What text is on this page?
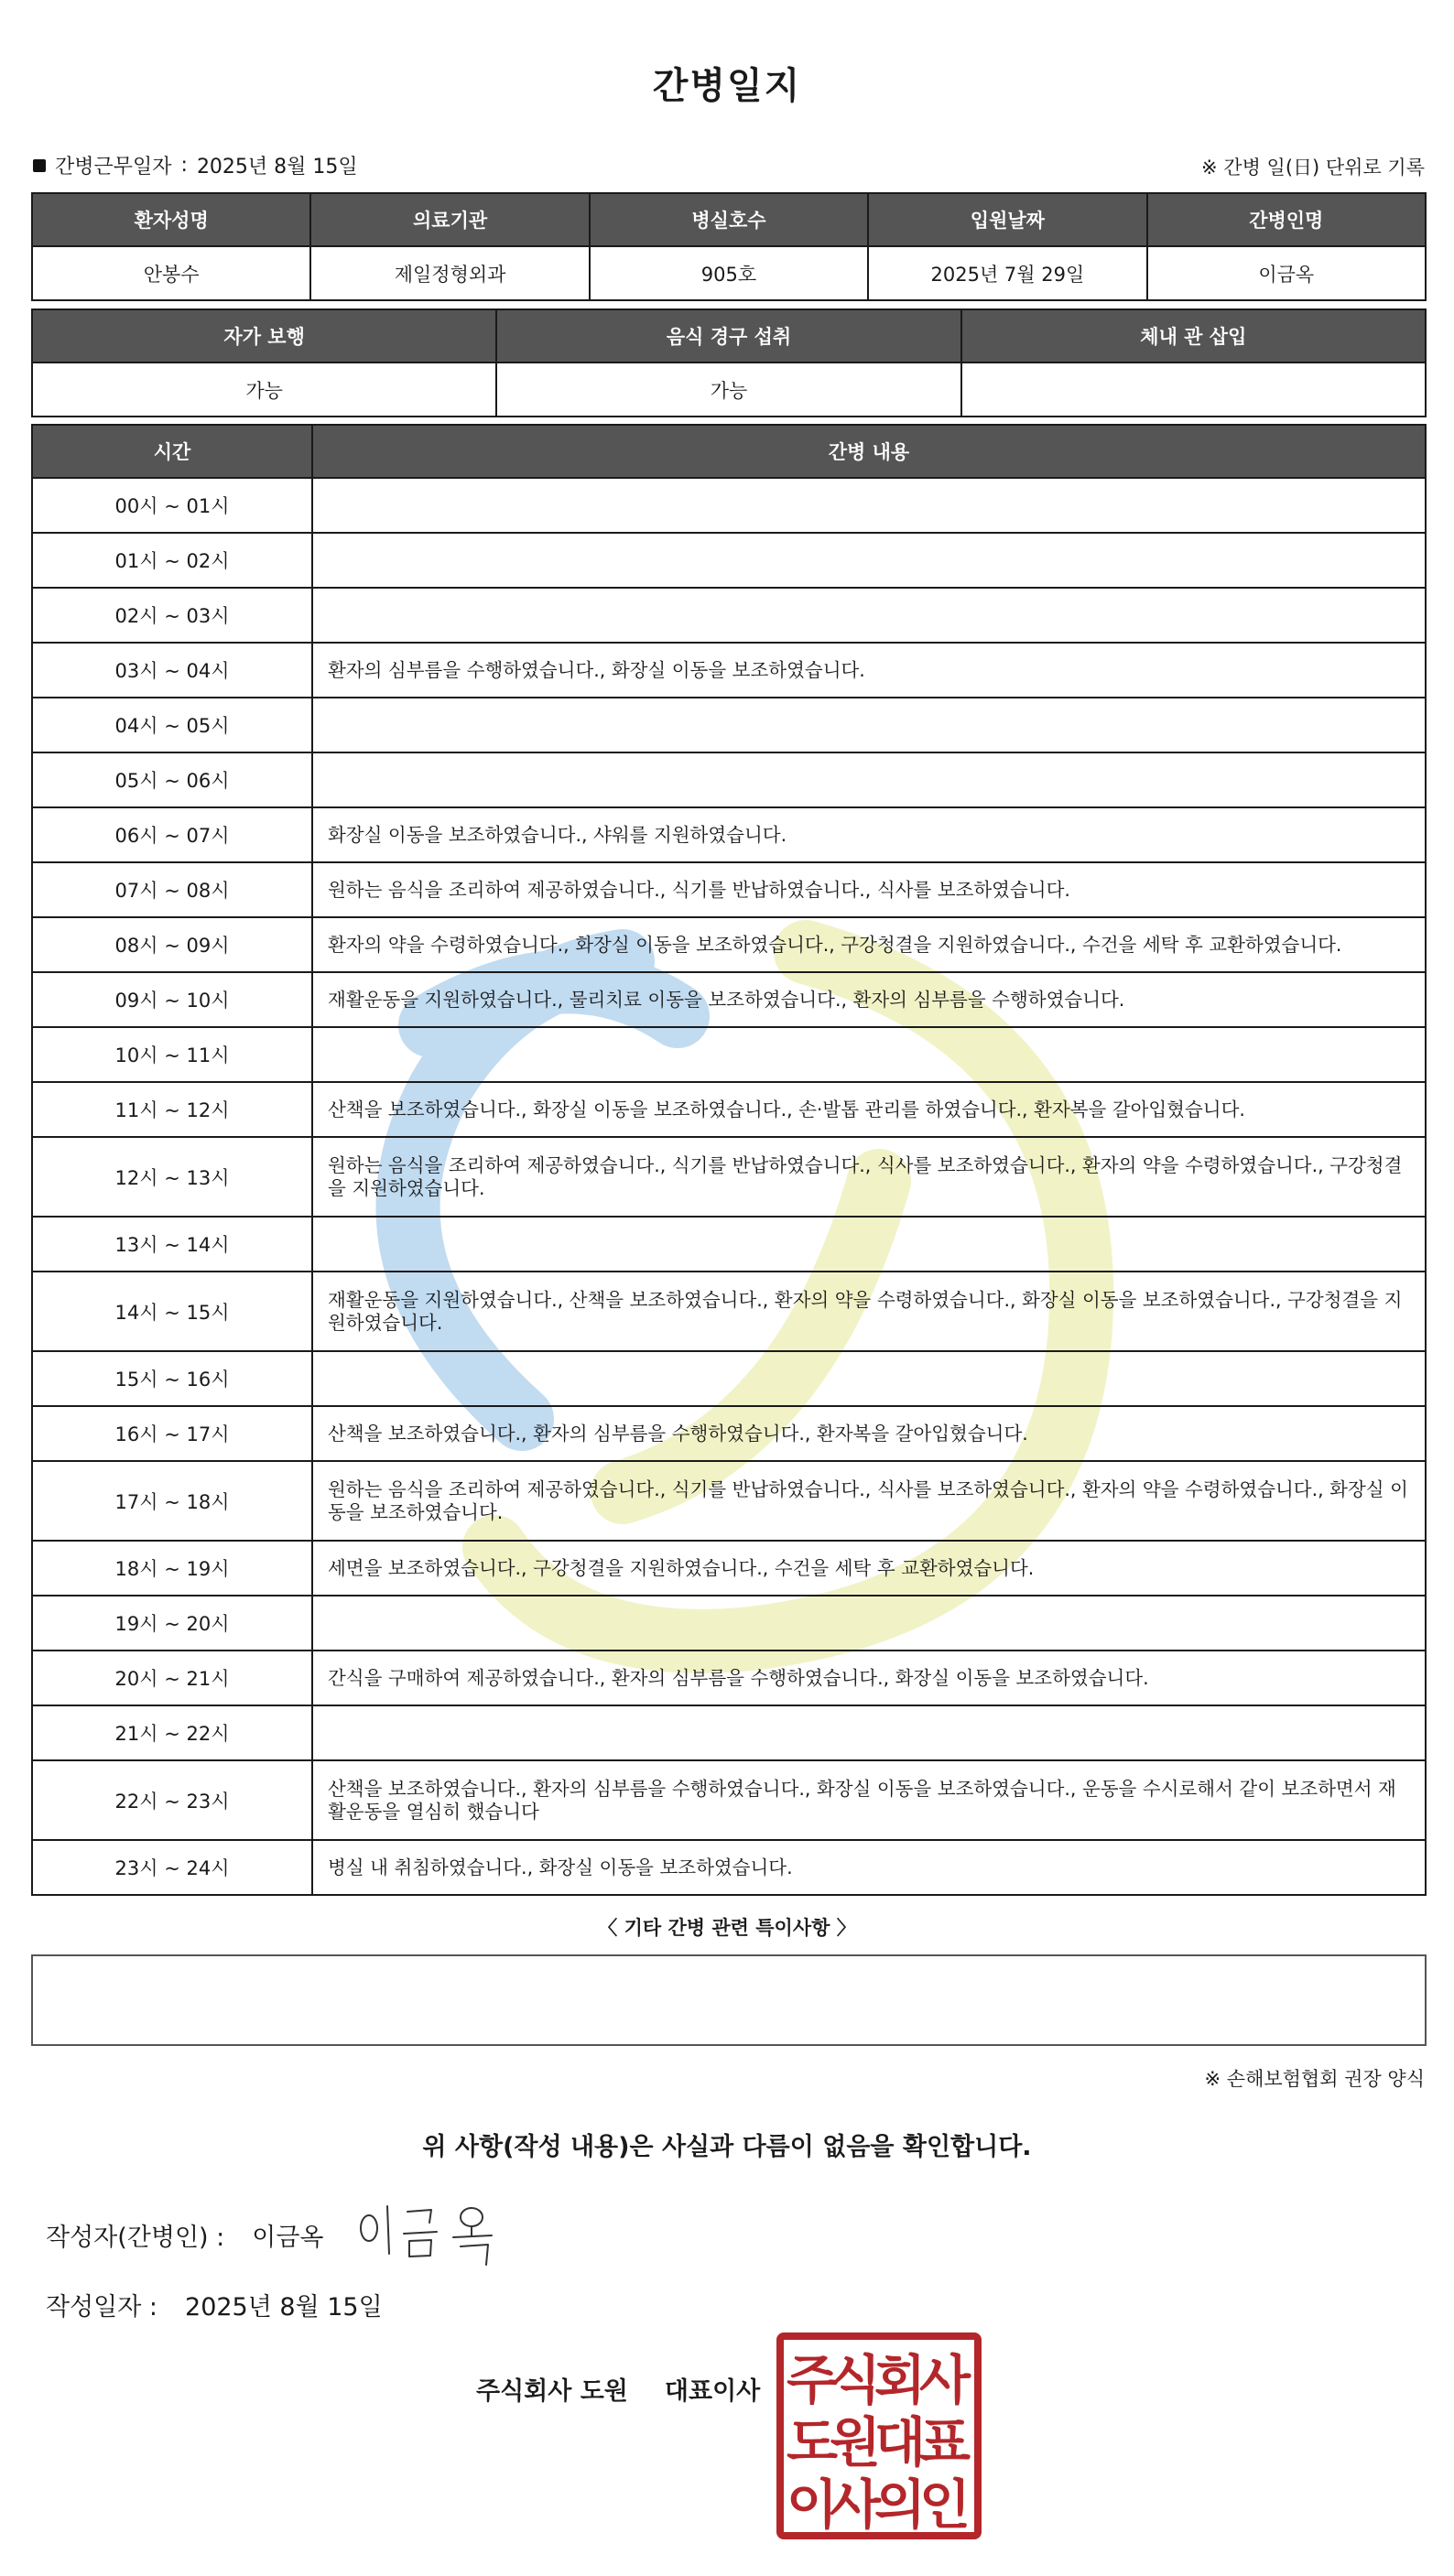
간병일지
간병근무일자 : 2025년 8월 15일	※ 간병 일(日) 단위로 기록
환자성명	의료기관	병실호수	입원날짜	간병인명
안봉수	제일정형외과	905호	2025년 7월 29일	이금옥
자가 보행	음식 경구 섭취	체내 관 삽입
가능	가능	
시간	간병 내용
00시 ~ 01시	
01시 ~ 02시	
02시 ~ 03시	
03시 ~ 04시	환자의 심부름을 수행하였습니다., 화장실 이동을 보조하였습니다.
04시 ~ 05시	
05시 ~ 06시	
06시 ~ 07시	화장실 이동을 보조하였습니다., 샤워를 지원하였습니다.
07시 ~ 08시	원하는 음식을 조리하여 제공하였습니다., 식기를 반납하였습니다., 식사를 보조하였습니다.
08시 ~ 09시	환자의 약을 수령하였습니다., 화장실 이동을 보조하였습니다., 구강청결을 지원하였습니다., 수건을 세탁 후 교환하였습니다.
09시 ~ 10시	재활운동을 지원하였습니다., 물리치료 이동을 보조하였습니다., 환자의 심부름을 수행하였습니다.
10시 ~ 11시	
11시 ~ 12시	산책을 보조하였습니다., 화장실 이동을 보조하였습니다., 손·발톱 관리를 하였습니다., 환자복을 갈아입혔습니다.
12시 ~ 13시	원하는 음식을 조리하여 제공하였습니다., 식기를 반납하였습니다., 식사를 보조하였습니다., 환자의 약을 수령하였습니다., 구강청결을 지원하였습니다.
13시 ~ 14시	
14시 ~ 15시	재활운동을 지원하였습니다., 산책을 보조하였습니다., 환자의 약을 수령하였습니다., 화장실 이동을 보조하였습니다., 구강청결을 지원하였습니다.
15시 ~ 16시	
16시 ~ 17시	산책을 보조하였습니다., 환자의 심부름을 수행하였습니다., 환자복을 갈아입혔습니다.
17시 ~ 18시	원하는 음식을 조리하여 제공하였습니다., 식기를 반납하였습니다., 식사를 보조하였습니다., 환자의 약을 수령하였습니다., 화장실 이동을 보조하였습니다.
18시 ~ 19시	세면을 보조하였습니다., 구강청결을 지원하였습니다., 수건을 세탁 후 교환하였습니다.
19시 ~ 20시	
20시 ~ 21시	간식을 구매하여 제공하였습니다., 환자의 심부름을 수행하였습니다., 화장실 이동을 보조하였습니다.
21시 ~ 22시	
22시 ~ 23시	산책을 보조하였습니다., 환자의 심부름을 수행하였습니다., 화장실 이동을 보조하였습니다., 운동을 수시로해서 같이 보조하면서 재활운동을 열심히 했습니다
23시 ~ 24시	병실 내 취침하였습니다., 화장실 이동을 보조하였습니다.
〈 기타 간병 관련 특이사항 〉
※ 손해보험협회 권장 양식
위 사항(작성 내용)은 사실과 다름이 없음을 확인합니다.
작성자(간병인) : 이금옥
작성일자 : 2025년 8월 15일
주식회사 도원 대표이사 주
식
회
사
도
원
대
표
이
사
의
인
